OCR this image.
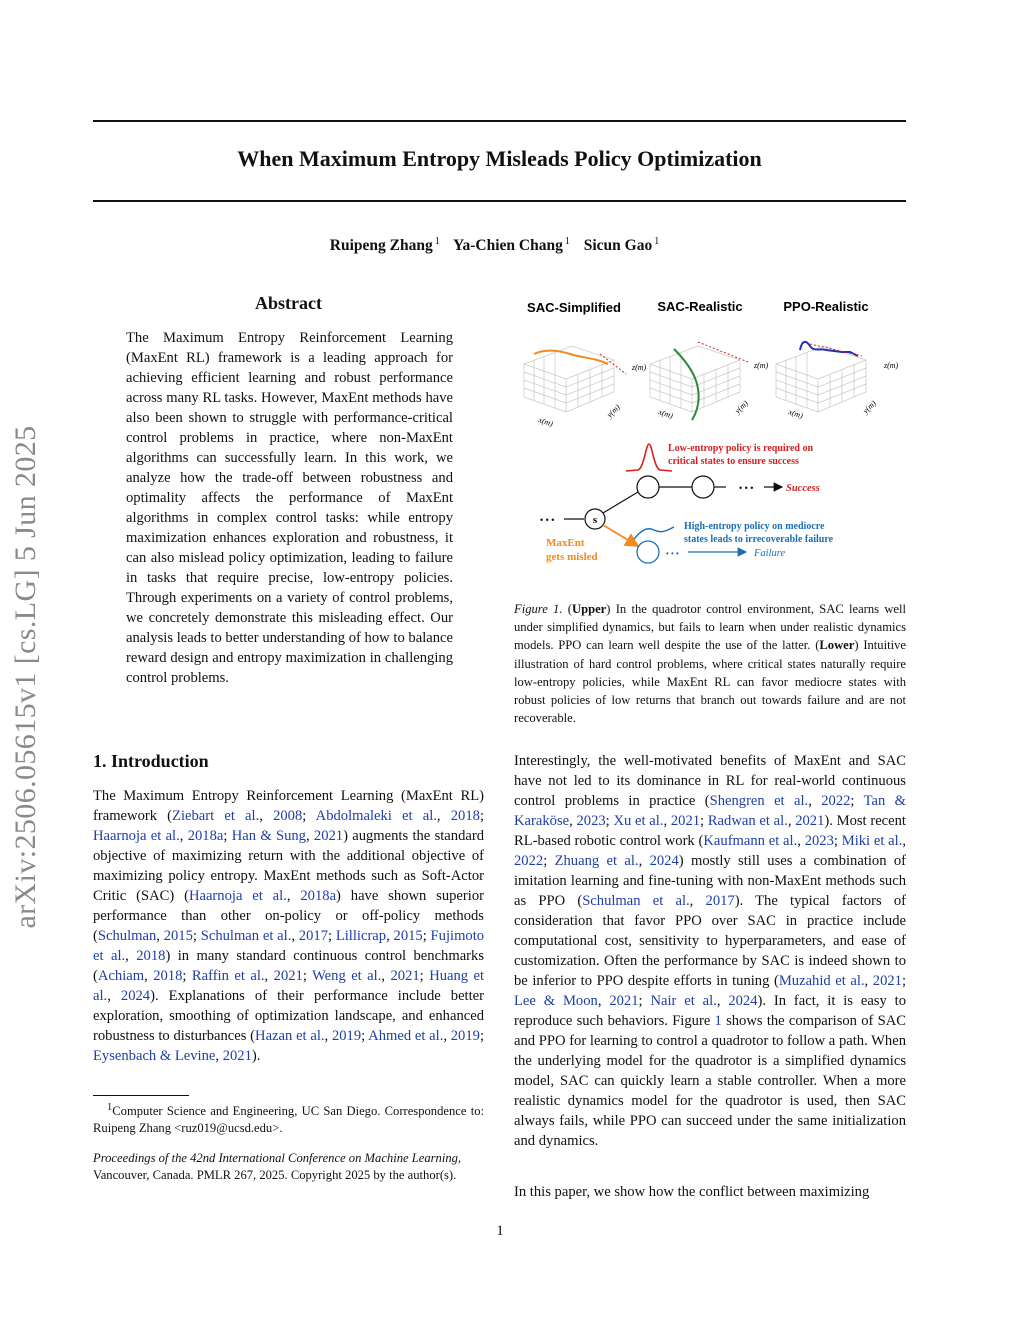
When Maximum Entropy Misleads Policy Optimization
Ruipeng Zhang $^1$ Ya-Chien Chang $^1$ Sicun Gao $^1$
arXiv:2506.05615v1 [cs.LG] 5 Jun 2025
Abstract

The Maximum Entropy Reinforcement Learning (MaxEnt RL) framework is a leading approach for achieving efficient learning and robust performance across many RL tasks. However, MaxEnt methods have also been shown to struggle with performance-critical control problems in practice, where non-MaxEnt algorithms can successfully learn. In this work, we analyze how the trade-off between robustness and optimality affects the performance of MaxEnt algorithms in complex control tasks: while entropy maximization enhances exploration and robustness, it can also mislead policy optimization, leading to failure in tasks that require precise, low-entropy policies. Through experiments on a variety of control problems, we concretely demonstrate this misleading effect. Our analysis leads to better understanding of how to balance reward design and entropy maximization in challenging control problems.

1. Introduction

The Maximum Entropy Reinforcement Learning (MaxEnt RL) framework (Ziebart et al., 2008; Abdolmaleki et al., 2018; Haarnoja et al., 2018a; Han & Sung, 2021) augments the standard objective of maximizing return with the additional objective of maximizing policy entropy. MaxEnt methods such as Soft-Actor Critic (SAC) (Haarnoja et al., 2018a) have shown superior performance than other on-policy or off-policy methods (Schulman, 2015; Schulman et al., 2017; Lillicrap, 2015; Fujimoto et al., 2018) in many standard continuous control benchmarks (Achiam, 2018; Raffin et al., 2021; Weng et al., 2021; Huang et al., 2024). Explanations of their performance include better exploration, smoothing of optimization landscape, and enhanced robustness to disturbances (Hazan et al., 2019; Ahmed et al., 2019; Eysenbach & Levine, 2021).

$^1$Computer Science and Engineering, UC San Diego. Correspondence to: Ruipeng Zhang <ruz019@ucsd.edu>.

Proceedings of the 42nd International Conference on Machine Learning, Vancouver, Canada. PMLR 267, 2025. Copyright 2025 by the author(s).

SAC-Simplified	SAC-Realistic	PPO-Realistic
z(m)
x(m)
y(m)
z(m)
x(m)	y(m)
z(m)
x(m)	y(m)
Low-entropy policy is required on
critical states to ensure success
s
• • •
• • •	Success
MaxEnt
gets misled
High-entropy policy on mediocre
states leads to irrecoverable failure
• • •	Failure

Figure 1. (Upper) In the quadrotor control environment, SAC learns well under simplified dynamics, but fails to learn when under realistic dynamics models. PPO can learn well despite the use of the latter. (Lower) Intuitive illustration of hard control problems, where critical states naturally require low-entropy policies, while MaxEnt RL can favor mediocre states with robust policies of low returns that branch out towards failure and are not recoverable.

Interestingly, the well-motivated benefits of MaxEnt and SAC have not led to its dominance in RL for real-world continuous control problems in practice (Shengren et al., 2022; Tan & Karaköse, 2023; Xu et al., 2021; Radwan et al., 2021). Most recent RL-based robotic control work (Kaufmann et al., 2023; Miki et al., 2022; Zhuang et al., 2024) mostly still uses a combination of imitation learning and fine-tuning with non-MaxEnt methods such as PPO (Schulman et al., 2017). The typical factors of consideration that favor PPO over SAC in practice include computational cost, sensitivity to hyperparameters, and ease of customization. Often the performance by SAC is indeed shown to be inferior to PPO despite efforts in tuning (Muzahid et al., 2021; Lee & Moon, 2021; Nair et al., 2024). In fact, it is easy to reproduce such behaviors. Figure 1 shows the comparison of SAC and PPO for learning to control a quadrotor to follow a path. When the underlying model for the quadrotor is a simplified dynamics model, SAC can quickly learn a stable controller. When a more realistic dynamics model for the quadrotor is used, then SAC always fails, while PPO can succeed under the same initialization and dynamics.

In this paper, we show how the conflict between maximizing

1
